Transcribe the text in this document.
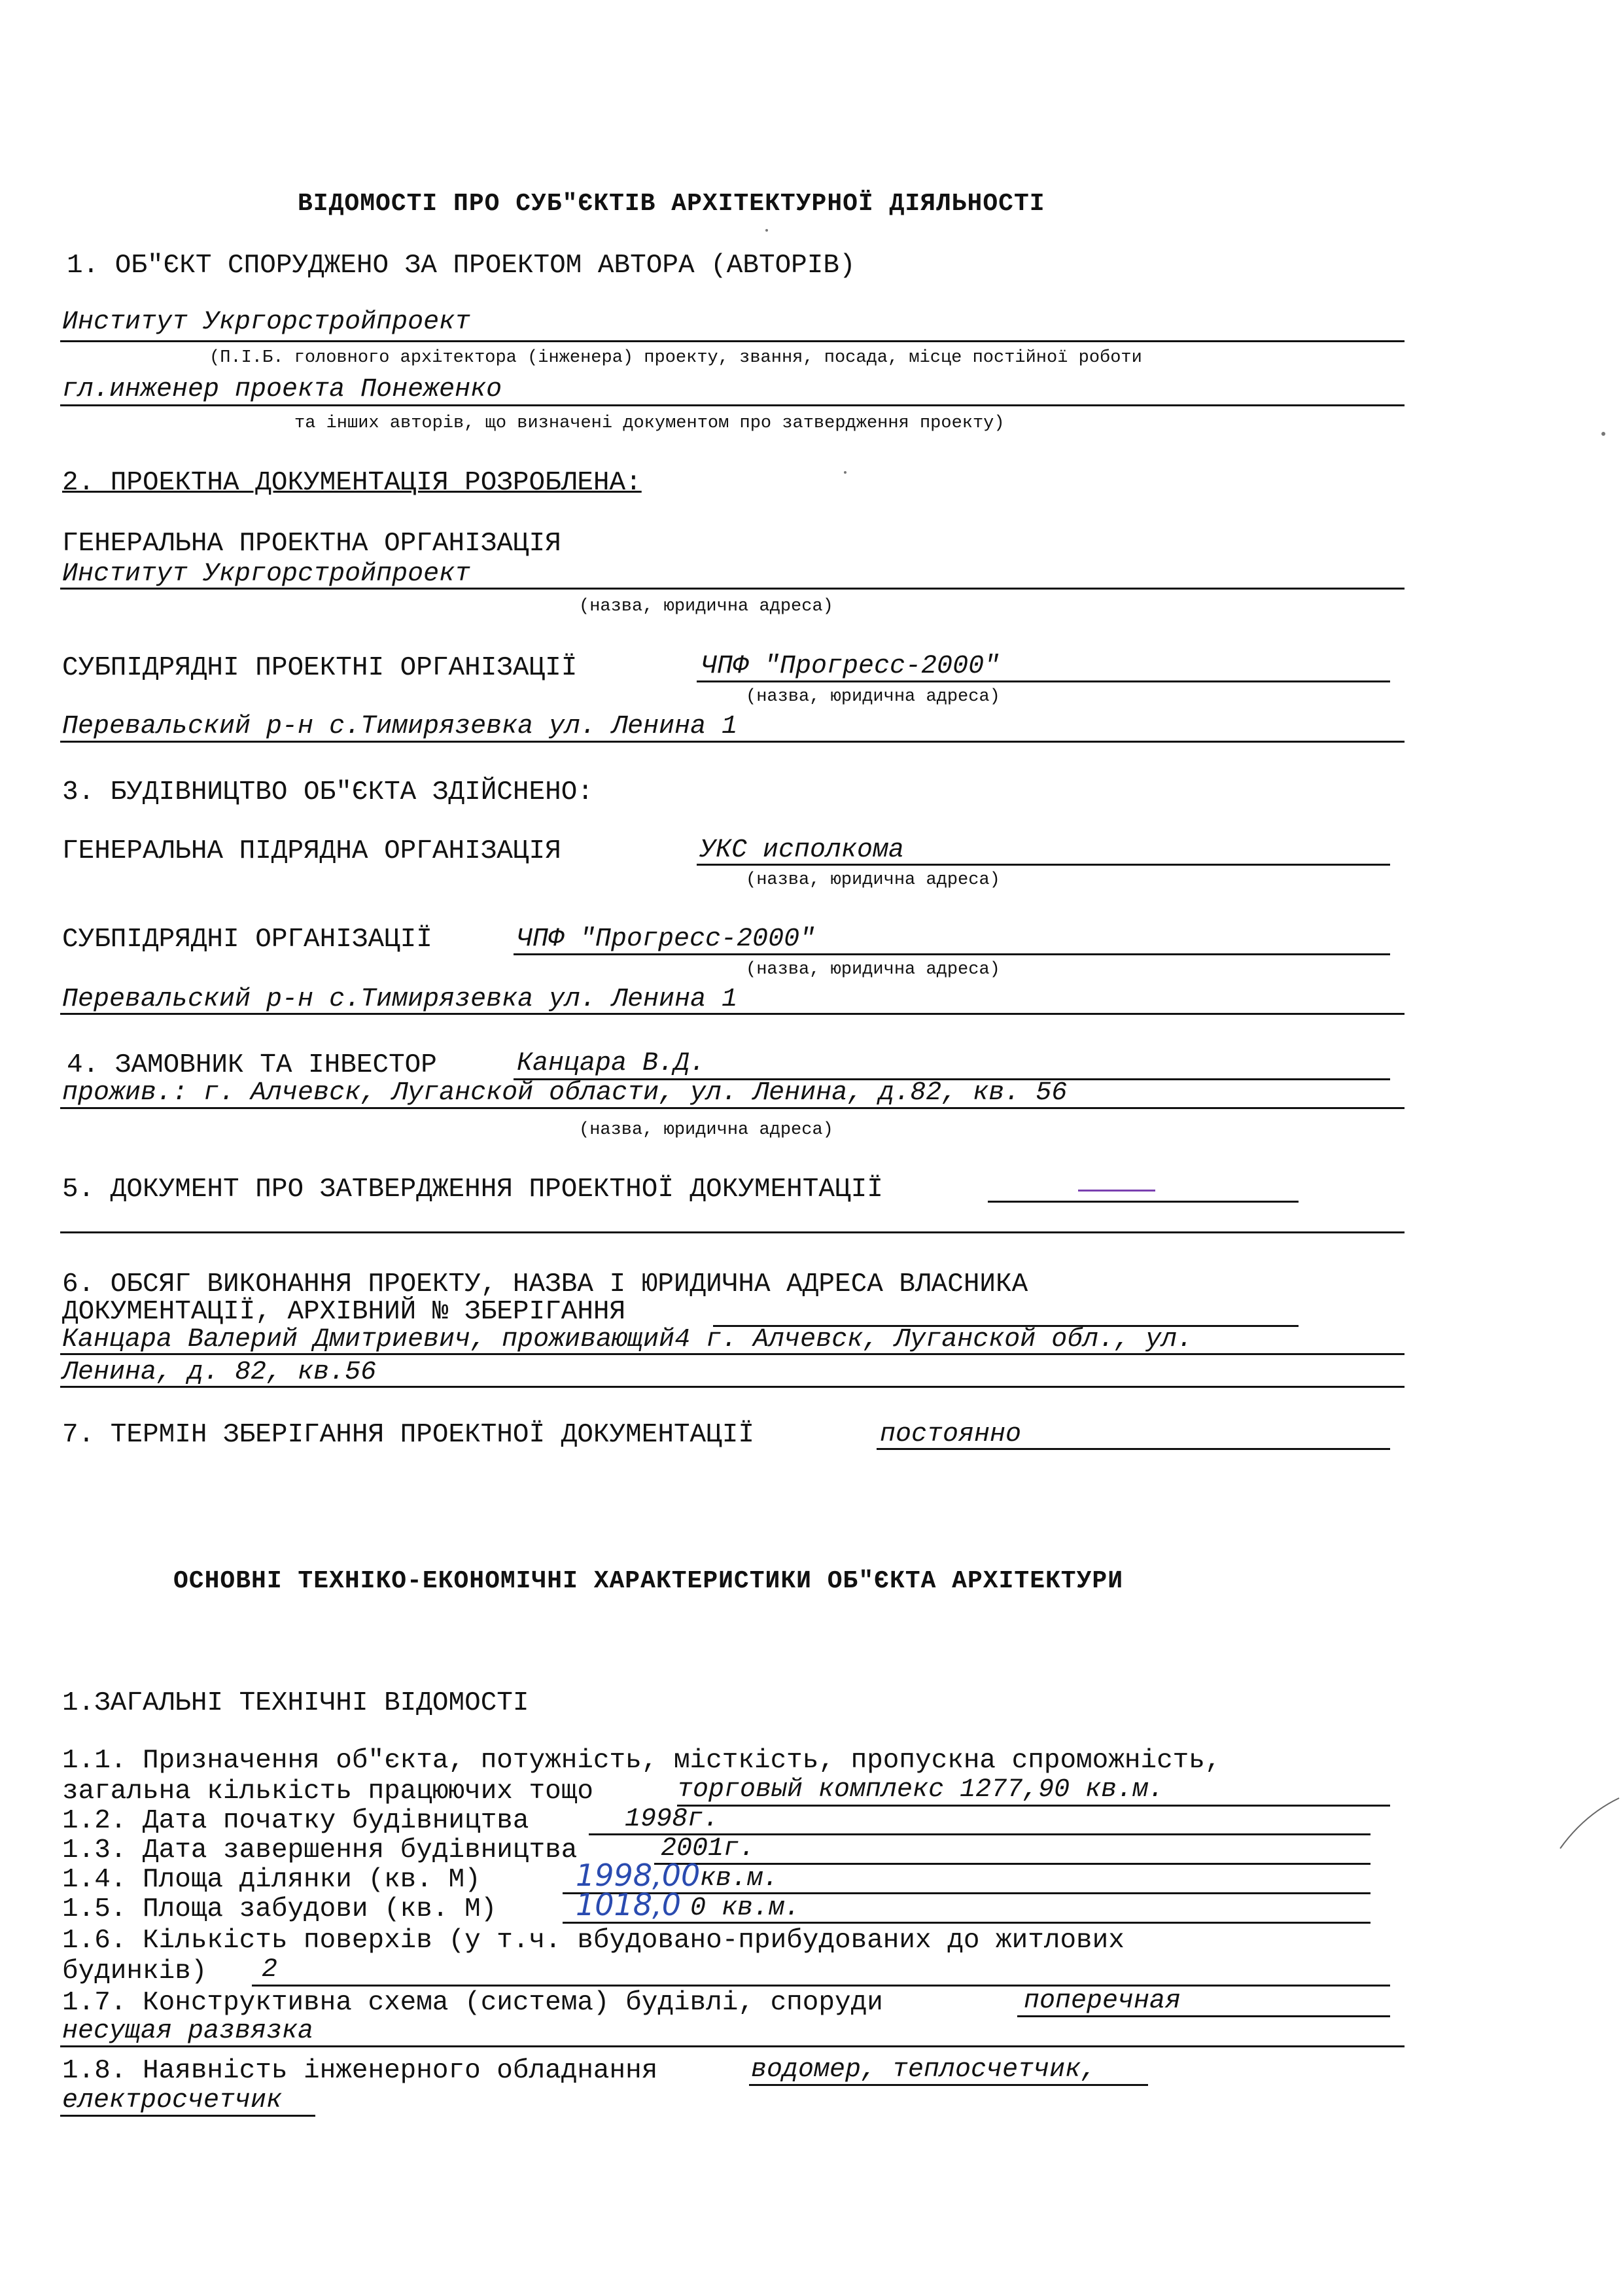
ВІДОМОСТІ ПРО СУБ"ЄКТІВ АРХІТЕКТУРНОЇ ДІЯЛЬНОСТІ
1. ОБ"ЄКТ СПОРУДЖЕНО ЗА ПРОЕКТОМ АВТОРА (АВТОРІВ)
Институт Укргорстройпроект
(П.І.Б. головного архітектора (інженера) проекту, звання, посада, місце постійної роботи
гл.инженер проекта Понеженко
та інших авторів, що визначені документом про затвердження проекту)
2. ПРОЕКТНА ДОКУМЕНТАЦІЯ РОЗРОБЛЕНА:
ГЕНЕРАЛЬНА ПРОЕКТНА ОРГАНІЗАЦІЯ
Институт Укргорстройпроект
(назва, юридична адреса)
СУБПІДРЯДНІ ПРОЕКТНІ ОРГАНІЗАЦІЇ	ЧПФ "Прогресс-2000"
(назва, юридична адреса)
Перевальский р-н с.Тимирязевка ул. Ленина 1
3. БУДІВНИЦТВО ОБ"ЄКТА ЗДІЙСНЕНО:
ГЕНЕРАЛЬНА ПІДРЯДНА ОРГАНІЗАЦІЯ	УКС исполкома
(назва, юридична адреса)
СУБПІДРЯДНІ ОРГАНІЗАЦІЇ	ЧПФ "Прогресс-2000"
(назва, юридична адреса)
Перевальский р-н с.Тимирязевка ул. Ленина 1
4. ЗАМОВНИК ТА ІНВЕСТОР	Канцара В.Д.
прожив.: г. Алчевск, Луганской области, ул. Ленина, д.82, кв. 56
(назва, юридична адреса)
5. ДОКУМЕНТ ПРО ЗАТВЕРДЖЕННЯ ПРОЕКТНОЇ ДОКУМЕНТАЦІЇ
6. ОБСЯГ ВИКОНАННЯ ПРОЕКТУ, НАЗВА І ЮРИДИЧНА АДРЕСА ВЛАСНИКА
ДОКУМЕНТАЦІЇ, АРХІВНИЙ № ЗБЕРІГАННЯ
Канцара Валерий Дмитриевич, проживающий4 г. Алчевск, Луганской обл., ул.
Ленина, д. 82, кв.56
7. ТЕРМІН ЗБЕРІГАННЯ ПРОЕКТНОЇ ДОКУМЕНТАЦІЇ	постоянно
ОСНОВНІ ТЕХНІКО-ЕКОНОМІЧНІ ХАРАКТЕРИСТИКИ ОБ"ЄКТА АРХІТЕКТУРИ
1.ЗАГАЛЬНІ ТЕХНІЧНІ ВІДОМОСТІ
1.1. Призначення об"єкта, потужність, місткість, пропускна спроможність,
загальна кількість працюючих тощо	торговый комплекс 1277,90 кв.м.
1.2. Дата початку будівництва	1998г.
1.3. Дата завершення будівництва	2001г.
1.4. Площа ділянки (кв. М)	1998,00 кв.м.
1.5. Площа забудови (кв. М)	1018,0 0 кв.м.
1.6. Кількість поверхів (у т.ч. вбудовано-прибудованих до житлових
будинків) 2
1.7. Конструктивна схема (система) будівлі, споруди	поперечная
несущая развязка
1.8. Наявність інженерного обладнання	водомер, теплосчетчик,
електросчетчик
